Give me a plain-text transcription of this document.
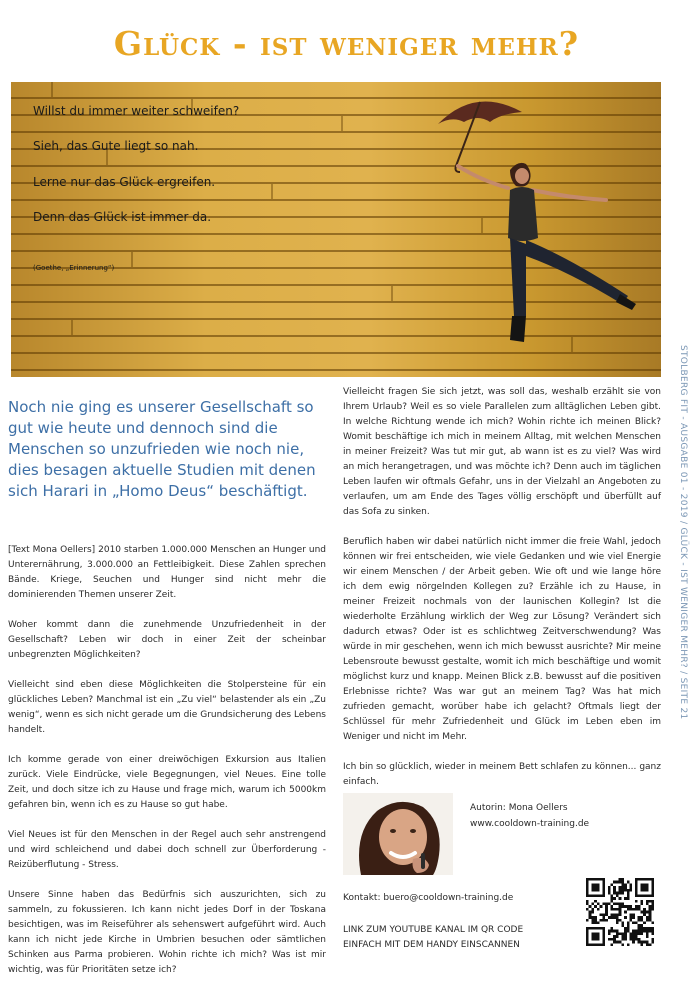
Glück - ist weniger mehr?
Willst du immer weiter schweifen?
Sieh, das Gute liegt so nah.
Lerne nur das Glück ergreifen.
Denn das Glück ist immer da.
(Goethe, „Erinnerung“)
STOLBERG FIT - AUSGABE 01 - 2019 / GLÜCK - IST WENIGER MEHR? / SEITE 21

Noch nie ging es unserer Gesellschaft so gut wie heute und dennoch sind die Menschen so unzufrieden wie noch nie, dies besagen aktuelle Studien mit denen sich Harari in „Homo Deus“ beschäftigt.

[Text Mona Oellers] 2010 starben 1.000.000 Menschen an Hunger und Unterernährung, 3.000.000 an Fettleibigkeit. Diese Zahlen sprechen Bände. Kriege, Seuchen und Hunger sind nicht mehr die dominierenden Themen unserer Zeit.

Woher kommt dann die zunehmende Unzufriedenheit in der Gesellschaft? Leben wir doch in einer Zeit der scheinbar unbegrenzten Möglichkeiten?

Vielleicht sind eben diese Möglichkeiten die Stolpersteine für ein glückliches Leben? Manchmal ist ein „Zu viel“ belastender als ein „Zu wenig“, wenn es sich nicht gerade um die Grundsicherung des Lebens handelt.

Ich komme gerade von einer dreiwöchigen Exkursion aus Italien zurück. Viele Eindrücke, viele Begegnungen, viel Neues. Eine tolle Zeit, und doch sitze ich zu Hause und frage mich, warum ich 5000km gefahren bin, wenn ich es zu Hause so gut habe.

Viel Neues ist für den Menschen in der Regel auch sehr anstrengend und wird schleichend und dabei doch schnell zur Überforderung - Reizüberflutung - Stress.

Unsere Sinne haben das Bedürfnis sich auszurichten, sich zu sammeln, zu fokussieren. Ich kann nicht jedes Dorf in der Toskana besichtigen, was im Reiseführer als sehenswert aufgeführt wird. Auch kann ich nicht jede Kirche in Umbrien besuchen oder sämtlichen Schinken aus Parma probieren. Wohin richte ich mich? Was ist mir wichtig, was für Prioritäten setze ich?

Vielleicht fragen Sie sich jetzt, was soll das, weshalb erzählt sie von Ihrem Urlaub? Weil es so viele Parallelen zum alltäglichen Leben gibt. In welche Richtung wende ich mich? Wohin richte ich meinen Blick? Womit beschäftige ich mich in meinem Alltag, mit welchen Menschen in meiner Freizeit? Was tut mir gut, ab wann ist es zu viel? Was wird an mich herangetragen, und was möchte ich? Denn auch im täglichen Leben laufen wir oftmals Gefahr, uns in der Vielzahl an Angeboten zu verlaufen, um am Ende des Tages völlig erschöpft und überfüllt auf das Sofa zu sinken.

Beruflich haben wir dabei natürlich nicht immer die freie Wahl, jedoch können wir frei entscheiden, wie viele Gedanken und wie viel Energie wir einem Menschen / der Arbeit geben. Wie oft und wie lange höre ich dem ewig nörgelnden Kollegen zu? Erzähle ich zu Hause, in meiner Freizeit nochmals von der launischen Kollegin? Ist die wiederholte Erzählung wirklich der Weg zur Lösung? Verändert sich dadurch etwas? Oder ist es schlichtweg Zeitverschwendung? Was würde in mir geschehen, wenn ich mich bewusst ausrichte? Mir meine Lebensroute bewusst gestalte, womit ich mich beschäftige und womit möglichst kurz und knapp. Meinen Blick z.B. bewusst auf die positiven Erlebnisse richte? Was war gut an meinem Tag? Was hat mich zufrieden gemacht, worüber habe ich gelacht? Oftmals liegt der Schlüssel für mehr Zufriedenheit und Glück im Leben eben im Weniger und nicht im Mehr.

Ich bin so glücklich, wieder in meinem Bett schlafen zu können... ganz einfach.

Autorin: Mona Oellers
www.cooldown-training.de
Kontakt: buero@cooldown-training.de
LINK ZUM YOUTUBE KANAL IM QR CODE
EINFACH MIT DEM HANDY EINSCANNEN
